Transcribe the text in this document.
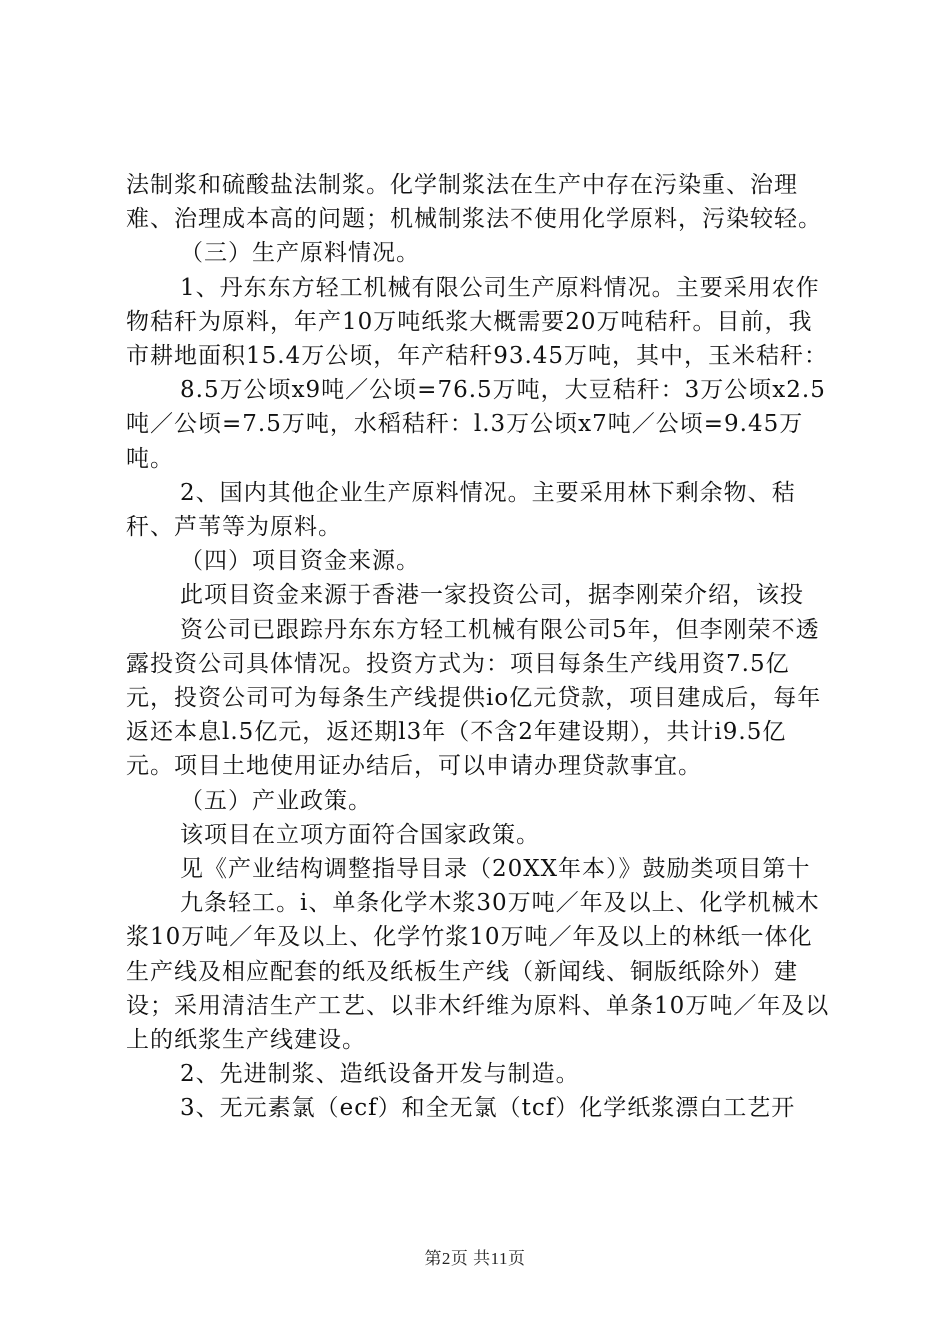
法制浆和硫酸盐法制浆。化学制浆法在生产中存在污染重、治理难、治理成本高的问题；机械制浆法不使用化学原料，污染较轻。

（三）生产原料情况。

1、丹东东方轻工机械有限公司生产原料情况。主要采用农作物秸秆为原料，年产10万吨纸浆大概需要20万吨秸秆。目前，我市耕地面积15.4万公顷，年产秸秆93.45万吨，其中，玉米秸秆：

8.5万公顷x9吨／公顷=76.5万吨，大豆秸秆：3万公顷x2.5吨／公顷=7.5万吨，水稻秸秆：l.3万公顷x7吨／公顷=9.45万吨。

2、国内其他企业生产原料情况。主要采用林下剩余物、秸秆、芦苇等为原料。

（四）项目资金来源。

此项目资金来源于香港一家投资公司，据李刚荣介绍，该投

资公司已跟踪丹东东方轻工机械有限公司5年，但李刚荣不透露投资公司具体情况。投资方式为：项目每条生产线用资7.5亿元，投资公司可为每条生产线提供io亿元贷款，项目建成后，每年返还本息l.5亿元，返还期l3年（不含2年建设期），共计i9.5亿元。项目土地使用证办结后，可以申请办理贷款事宜。

（五）产业政策。

该项目在立项方面符合国家政策。

见《产业结构调整指导目录（20XX年本）》鼓励类项目第十

九条轻工。i、单条化学木浆30万吨／年及以上、化学机械木浆10万吨／年及以上、化学竹浆10万吨／年及以上的林纸一体化生产线及相应配套的纸及纸板生产线（新闻线、铜版纸除外）建设；采用清洁生产工艺、以非木纤维为原料、单条10万吨／年及以上的纸浆生产线建设。

2、先进制浆、造纸设备开发与制造。

3、无元素氯（ecf）和全无氯（tcf）化学纸浆漂白工艺开

第2页 共11页
